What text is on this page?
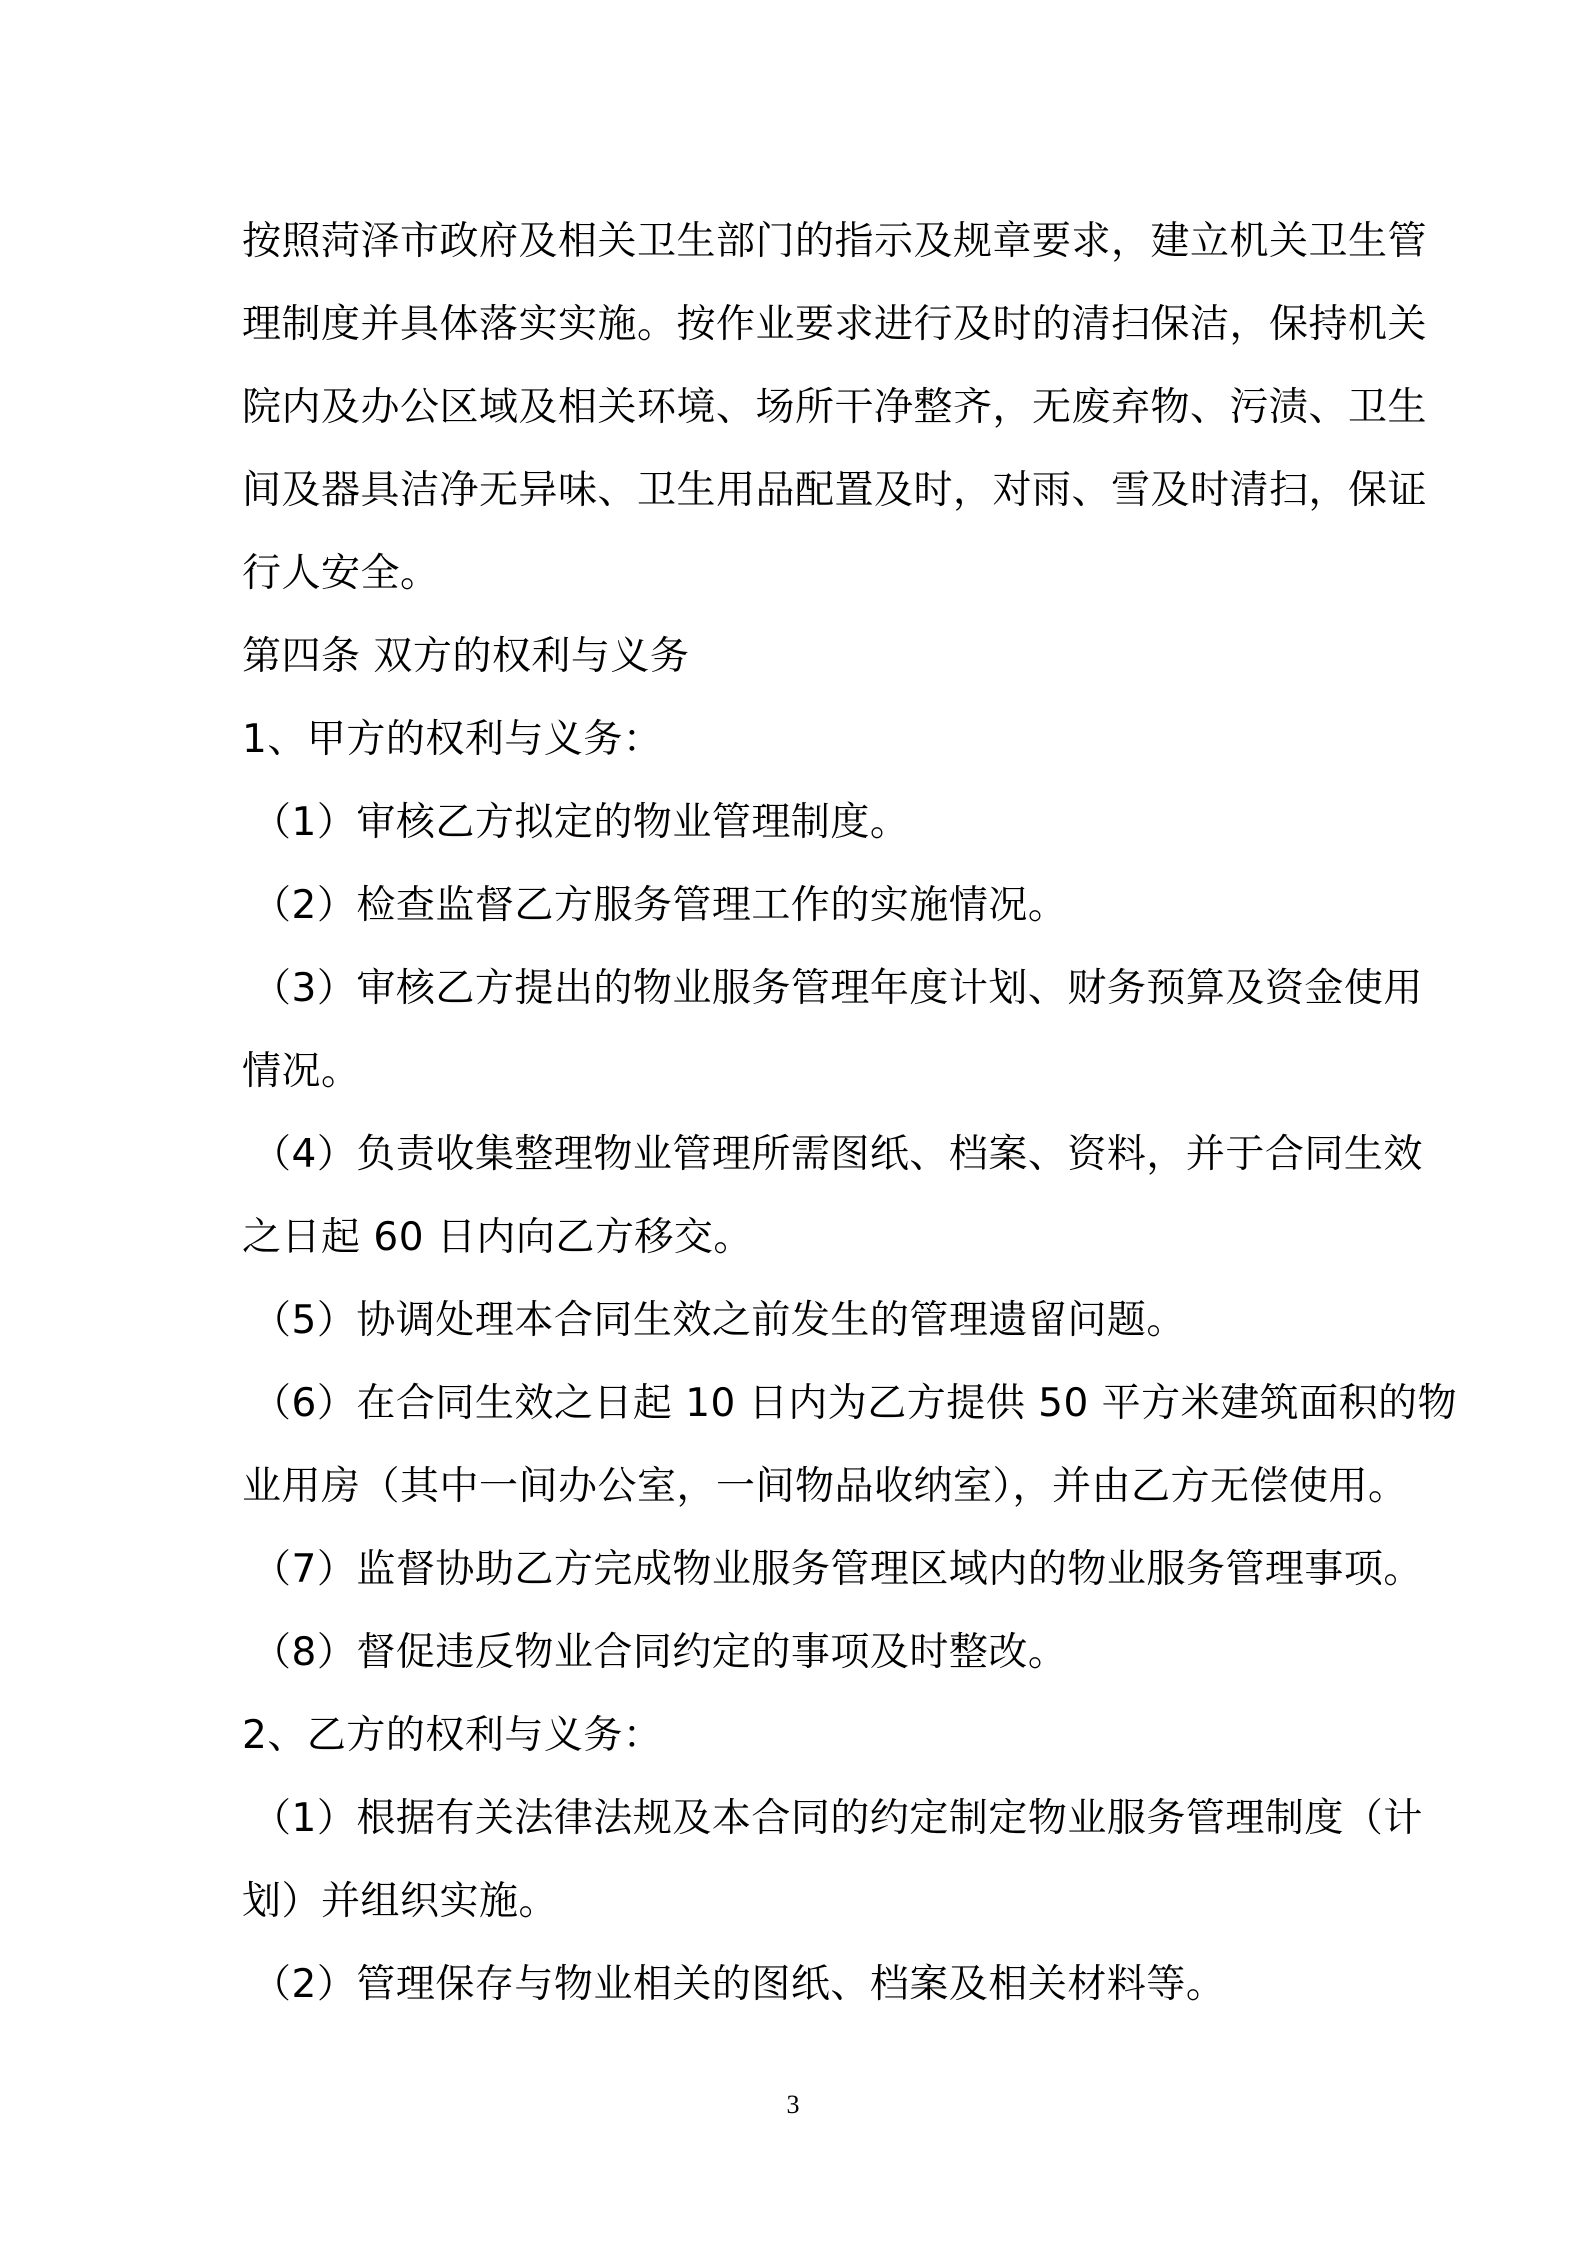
按照菏泽市政府及相关卫生部门的指示及规章要求，建立机关卫生管
理制度并具体落实实施。按作业要求进行及时的清扫保洁，保持机关
院内及办公区域及相关环境、场所干净整齐，无废弃物、污渍、卫生
间及器具洁净无异味、卫生用品配置及时，对雨、雪及时清扫，保证
行人安全。
第四条 双方的权利与义务
1、甲方的权利与义务：
（1）审核乙方拟定的物业管理制度。
（2）检查监督乙方服务管理工作的实施情况。
（3）审核乙方提出的物业服务管理年度计划、财务预算及资金使用
情况。
（4）负责收集整理物业管理所需图纸、档案、资料，并于合同生效
之日起 60 日内向乙方移交。
（5）协调处理本合同生效之前发生的管理遗留问题。
（6）在合同生效之日起 10 日内为乙方提供 50 平方米建筑面积的物
业用房（其中一间办公室，一间物品收纳室），并由乙方无偿使用。
（7）监督协助乙方完成物业服务管理区域内的物业服务管理事项。
（8）督促违反物业合同约定的事项及时整改。
2、乙方的权利与义务：
（1）根据有关法律法规及本合同的约定制定物业服务管理制度（计
划）并组织实施。
（2）管理保存与物业相关的图纸、档案及相关材料等。
3
